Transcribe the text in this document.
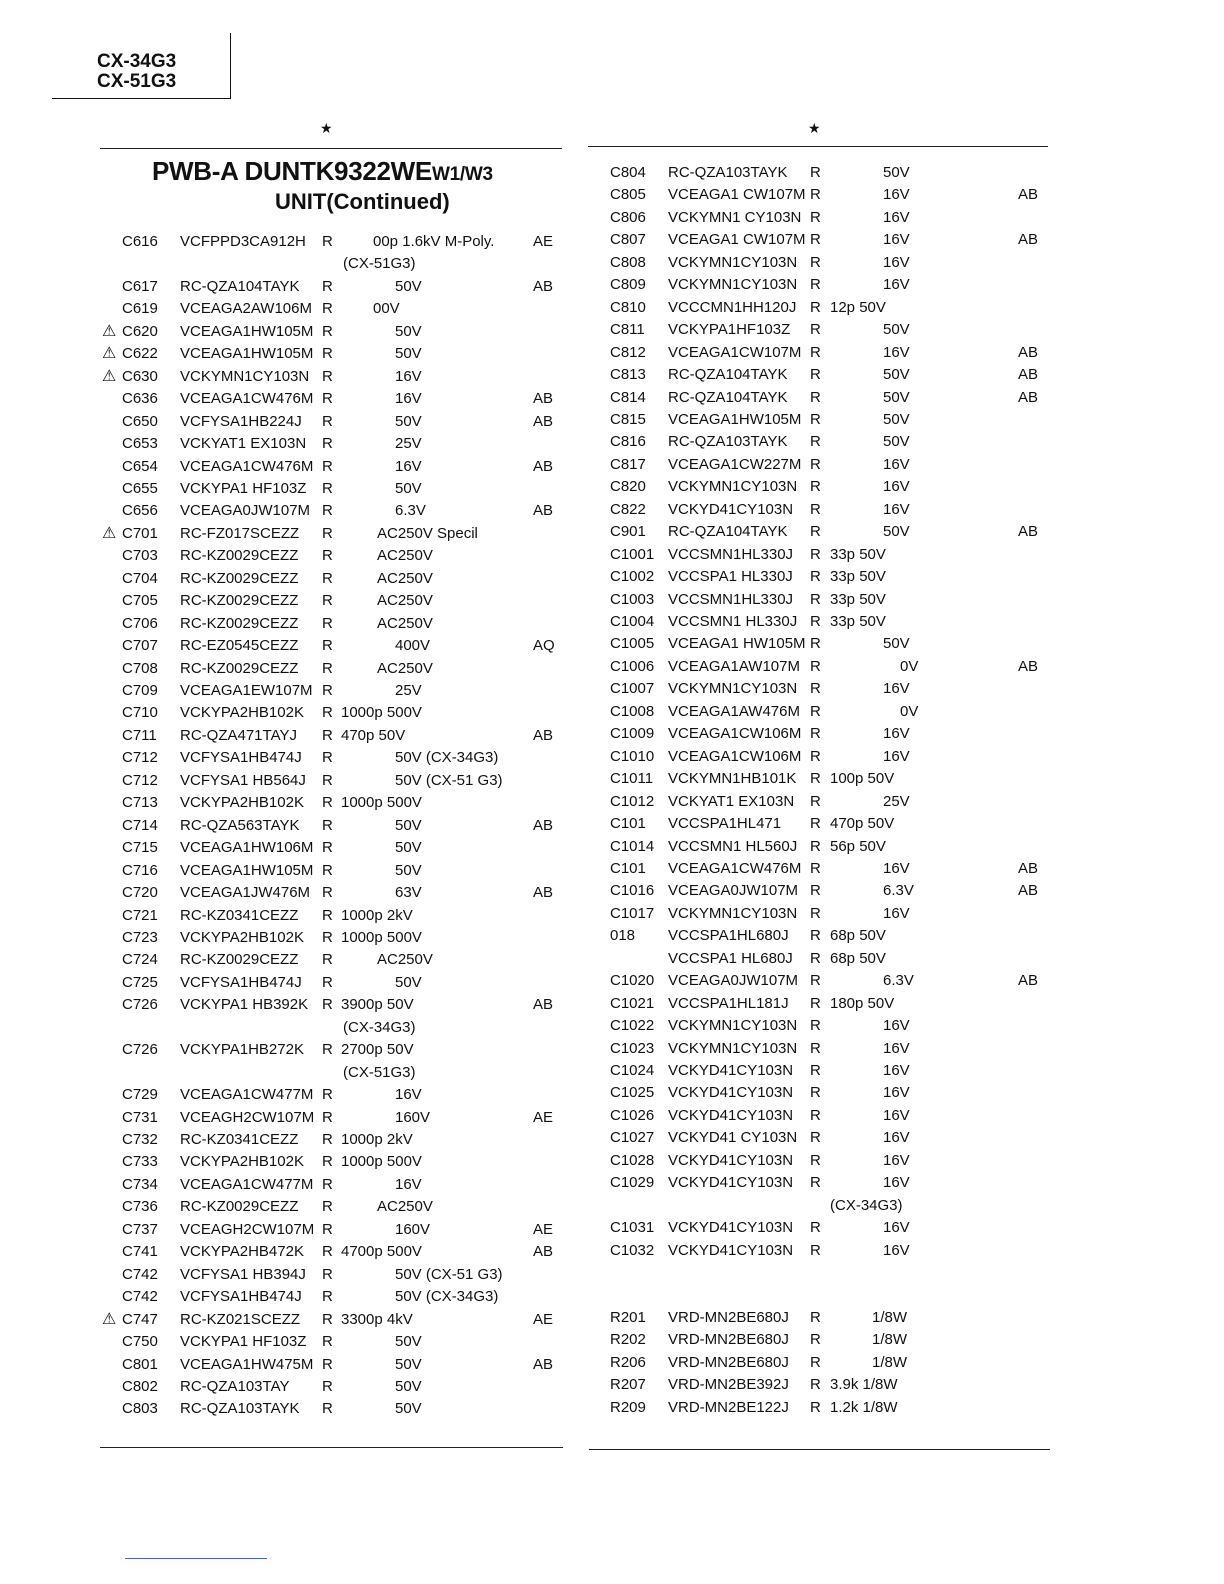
CX-34G3
CX-51G3
★	★
PWB-A DUNTK9322WEW1/W3
UNIT(Continued)
C616 VCFPPD3CA912H R	00p 1.6kV M-Poly.	AE
(CX-51G3)
C617 RC-QZA104TAYK R	50V	AB
C619 VCEAGA2AW106M R	00V
⚠ C620 VCEAGA1HW105M R	50V
⚠ C622 VCEAGA1HW105M R	50V
⚠ C630 VCKYMN1CY103N R	16V
C636 VCEAGA1CW476M R	16V	AB
C650 VCFYSA1HB224J R	50V	AB
C653 VCKYAT1 EX103N R	25V
C654 VCEAGA1CW476M R	16V	AB
C655 VCKYPA1 HF103Z R	50V
C656 VCEAGA0JW107M R	6.3V	AB
⚠ C701 RC-FZ017SCEZZ R	AC250V Specil
C703 RC-KZ0029CEZZ R	AC250V
C704 RC-KZ0029CEZZ R	AC250V
C705 RC-KZ0029CEZZ R	AC250V
C706 RC-KZ0029CEZZ R	AC250V
C707 RC-EZ0545CEZZ R	400V	AQ
C708 RC-KZ0029CEZZ R	AC250V
C709 VCEAGA1EW107M R	25V
C710 VCKYPA2HB102K R 1000p 500V
C711 RC-QZA471TAYJ R 470p 50V	AB
C712 VCFYSA1HB474J R	50V (CX-34G3)
C712 VCFYSA1 HB564J R	50V (CX-51 G3)
C713 VCKYPA2HB102K R 1000p 500V
C714 RC-QZA563TAYK R	50V	AB
C715 VCEAGA1HW106M R	50V
C716 VCEAGA1HW105M R	50V
C720 VCEAGA1JW476M R	63V	AB
C721 RC-KZ0341CEZZ R 1000p 2kV
C723 VCKYPA2HB102K R 1000p 500V
C724 RC-KZ0029CEZZ R	AC250V
C725 VCFYSA1HB474J R	50V
C726 VCKYPA1 HB392K R 3900p 50V	AB
(CX-34G3)
C726 VCKYPA1HB272K R 2700p 50V
(CX-51G3)
C729 VCEAGA1CW477M R	16V
C731 VCEAGH2CW107M R	160V	AE
C732 RC-KZ0341CEZZ R 1000p 2kV
C733 VCKYPA2HB102K R 1000p 500V
C734 VCEAGA1CW477M R	16V
C736 RC-KZ0029CEZZ R	AC250V
C737 VCEAGH2CW107M R	160V	AE
C741 VCKYPA2HB472K R 4700p 500V	AB
C742 VCFYSA1 HB394J R	50V (CX-51 G3)
C742 VCFYSA1HB474J R	50V (CX-34G3)
⚠ C747 RC-KZ021SCEZZ R 3300p 4kV	AE
C750 VCKYPA1 HF103Z R	50V
C801 VCEAGA1HW475M R	50V	AB
C802 RC-QZA103TAY R	50V
C803 RC-QZA103TAYK R	50V
C804 RC-QZA103TAYK R	50V
C805 VCEAGA1 CW107M R	16V	AB
C806 VCKYMN1 CY103N R	16V
C807 VCEAGA1 CW107M R	16V	AB
C808 VCKYMN1CY103N R	16V
C809 VCKYMN1CY103N R	16V
C810 VCCCMN1HH120J R 12p 50V
C811 VCKYPA1HF103Z R	50V
C812 VCEAGA1CW107M R	16V	AB
C813 RC-QZA104TAYK R	50V	AB
C814 RC-QZA104TAYK R	50V	AB
C815 VCEAGA1HW105M R	50V
C816 RC-QZA103TAYK R	50V
C817 VCEAGA1CW227M R	16V
C820 VCKYMN1CY103N R	16V
C822 VCKYD41CY103N R	16V
C901 RC-QZA104TAYK R	50V	AB
C1001 VCCSMN1HL330J R 33p 50V
C1002 VCCSPA1 HL330J R 33p 50V
C1003 VCCSMN1HL330J R 33p 50V
C1004 VCCSMN1 HL330J R 33p 50V
C1005 VCEAGA1 HW105M R	50V
C1006 VCEAGA1AW107M R	0V	AB
C1007 VCKYMN1CY103N R	16V
C1008 VCEAGA1AW476M R	0V
C1009 VCEAGA1CW106M R	16V
C1010 VCEAGA1CW106M R	16V
C1011 VCKYMN1HB101K R 100p 50V
C1012 VCKYAT1 EX103N R	25V
C101 VCCSPA1HL471 R 470p 50V
C1014 VCCSMN1 HL560J R 56p 50V
C101 VCEAGA1CW476M R	16V	AB
C1016 VCEAGA0JW107M R	6.3V	AB
C1017 VCKYMN1CY103N R	16V
018 VCCSPA1HL680J R 68p 50V
VCCSPA1 HL680J R 68p 50V
C1020 VCEAGA0JW107M R	6.3V	AB
C1021 VCCSPA1HL181J R 180p 50V
C1022 VCKYMN1CY103N R	16V
C1023 VCKYMN1CY103N R	16V
C1024 VCKYD41CY103N R	16V
C1025 VCKYD41CY103N R	16V
C1026 VCKYD41CY103N R	16V
C1027 VCKYD41 CY103N R	16V
C1028 VCKYD41CY103N R	16V
C1029 VCKYD41CY103N R	16V
(CX-34G3)
C1031 VCKYD41CY103N R	16V
C1032 VCKYD41CY103N R	16V
R201 VRD-MN2BE680J R	1/8W
R202 VRD-MN2BE680J R	1/8W
R206 VRD-MN2BE680J R	1/8W
R207 VRD-MN2BE392J R 3.9k 1/8W
R209 VRD-MN2BE122J R 1.2k 1/8W
